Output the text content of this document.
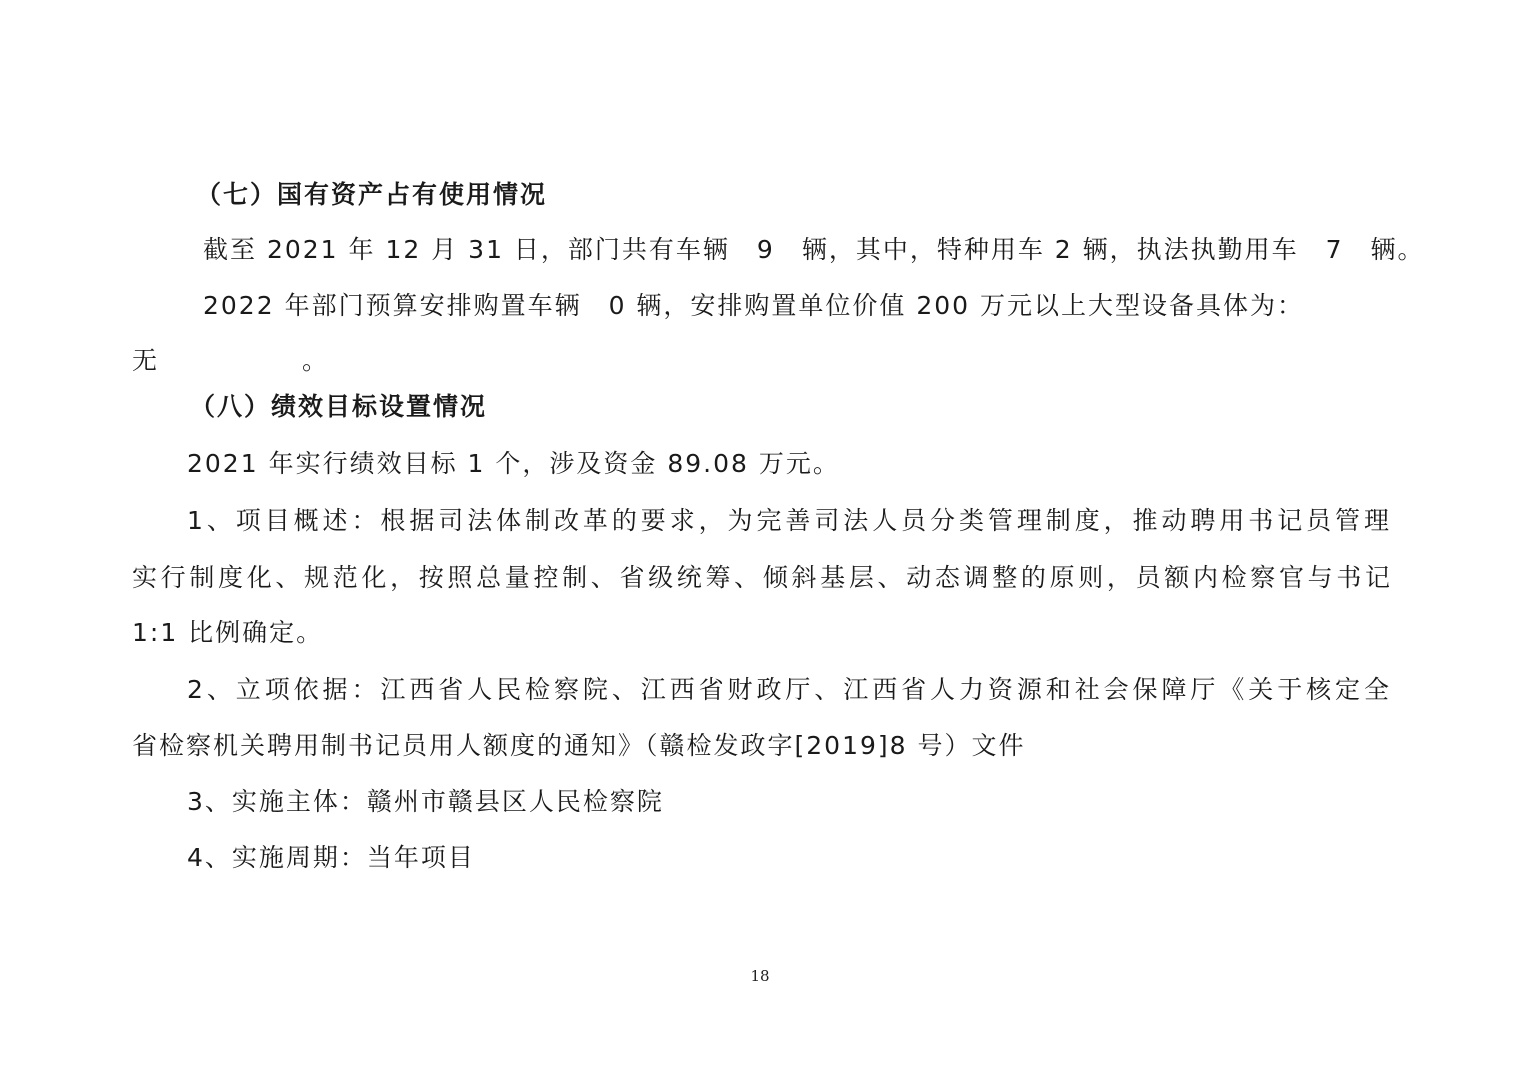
（七）国有资产占有使用情况
截至 2021 年 12 月 31 日，部门共有车辆　9　辆，其中，特种用车 2 辆，执法执勤用车　7　辆。
2022 年部门预算安排购置车辆　0 辆，安排购置单位价值 200 万元以上大型设备具体为：
无	。
（八）绩效目标设置情况
2021 年实行绩效目标 1 个，涉及资金 89.08 万元。
1、项目概述：根据司法体制改革的要求，为完善司法人员分类管理制度，推动聘用书记员管理
实行制度化、规范化，按照总量控制、省级统筹、倾斜基层、动态调整的原则，员额内检察官与书记
1:1 比例确定。
2、立项依据：江西省人民检察院、江西省财政厅、江西省人力资源和社会保障厅《关于核定全
省检察机关聘用制书记员用人额度的通知》（赣检发政字[2019]8 号）文件
3、实施主体：赣州市赣县区人民检察院
4、实施周期：当年项目
18
